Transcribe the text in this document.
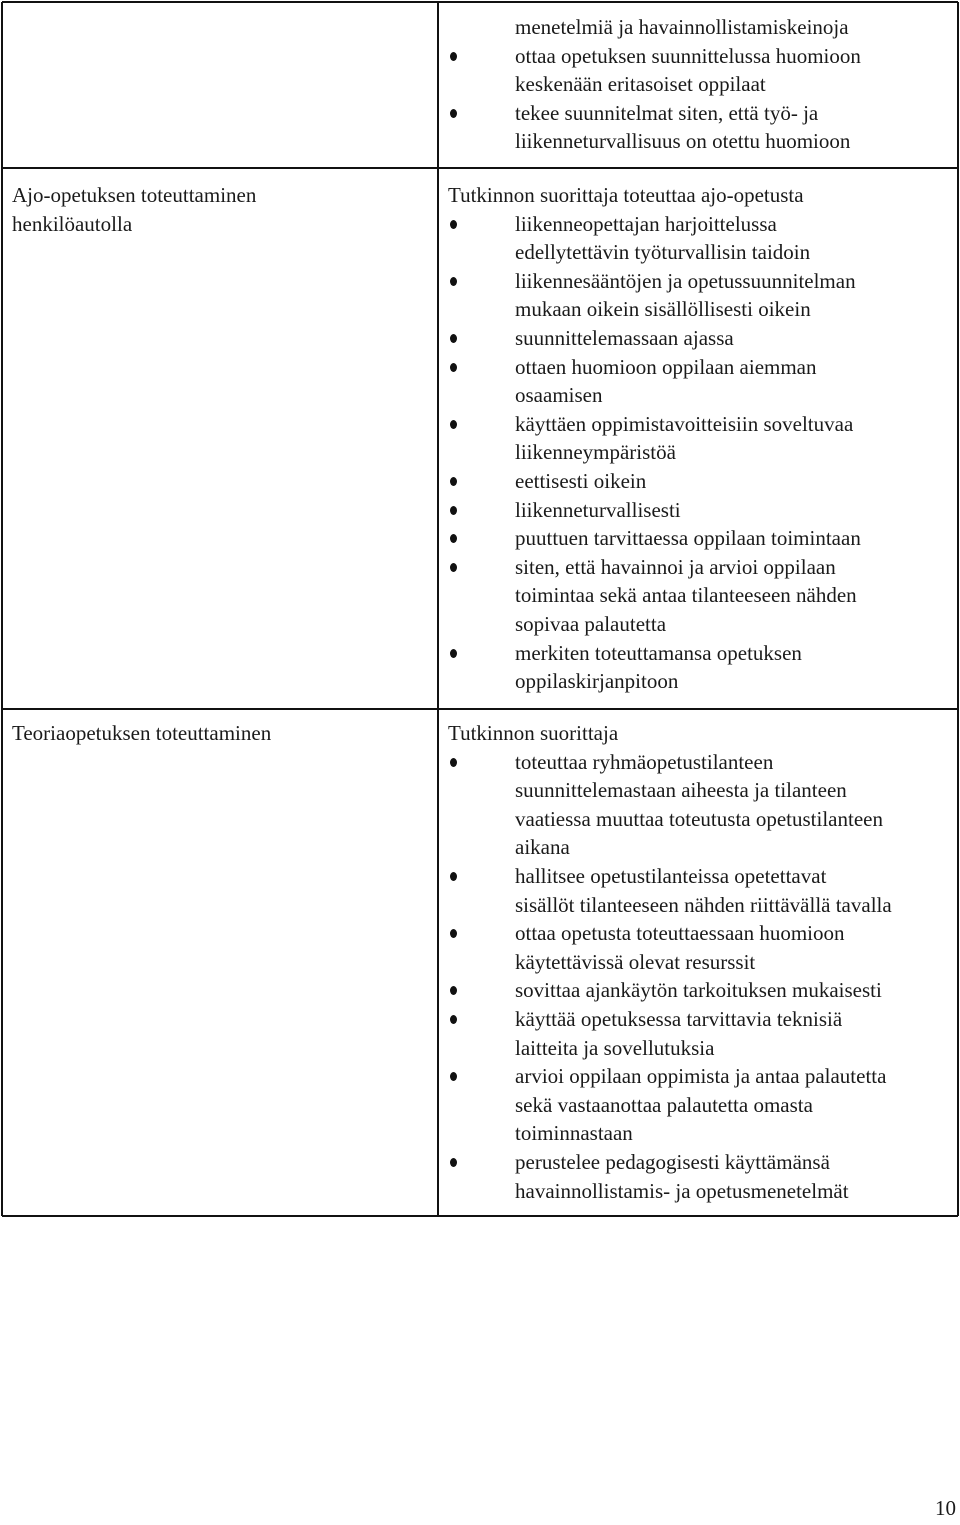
menetelmiä ja havainnollistamiskeinoja
ottaa opetuksen suunnittelussa huomioon
keskenään eritasoiset oppilaat
tekee suunnitelmat siten, että työ- ja
liikenneturvallisuus on otettu huomioon
Ajo-opetuksen toteuttaminen
henkilöautolla
Tutkinnon suorittaja toteuttaa ajo-opetusta
liikenneopettajan harjoittelussa
edellytettävin työturvallisin taidoin
liikennesääntöjen ja opetussuunnitelman
mukaan oikein sisällöllisesti oikein
suunnittelemassaan ajassa
ottaen huomioon oppilaan aiemman
osaamisen
käyttäen oppimistavoitteisiin soveltuvaa
liikenneympäristöä
eettisesti oikein
liikenneturvallisesti
puuttuen tarvittaessa oppilaan toimintaan
siten, että havainnoi ja arvioi oppilaan
toimintaa sekä antaa tilanteeseen nähden
sopivaa palautetta
merkiten toteuttamansa opetuksen
oppilaskirjanpitoon
Teoriaopetuksen toteuttaminen	Tutkinnon suorittaja
toteuttaa ryhmäopetustilanteen
suunnittelemastaan aiheesta ja tilanteen
vaatiessa muuttaa toteutusta opetustilanteen
aikana
hallitsee opetustilanteissa opetettavat
sisällöt tilanteeseen nähden riittävällä tavalla
ottaa opetusta toteuttaessaan huomioon
käytettävissä olevat resurssit
sovittaa ajankäytön tarkoituksen mukaisesti
käyttää opetuksessa tarvittavia teknisiä
laitteita ja sovellutuksia
arvioi oppilaan oppimista ja antaa palautetta
sekä vastaanottaa palautetta omasta
toiminnastaan
perustelee pedagogisesti käyttämänsä
havainnollistamis- ja opetusmenetelmät
10
